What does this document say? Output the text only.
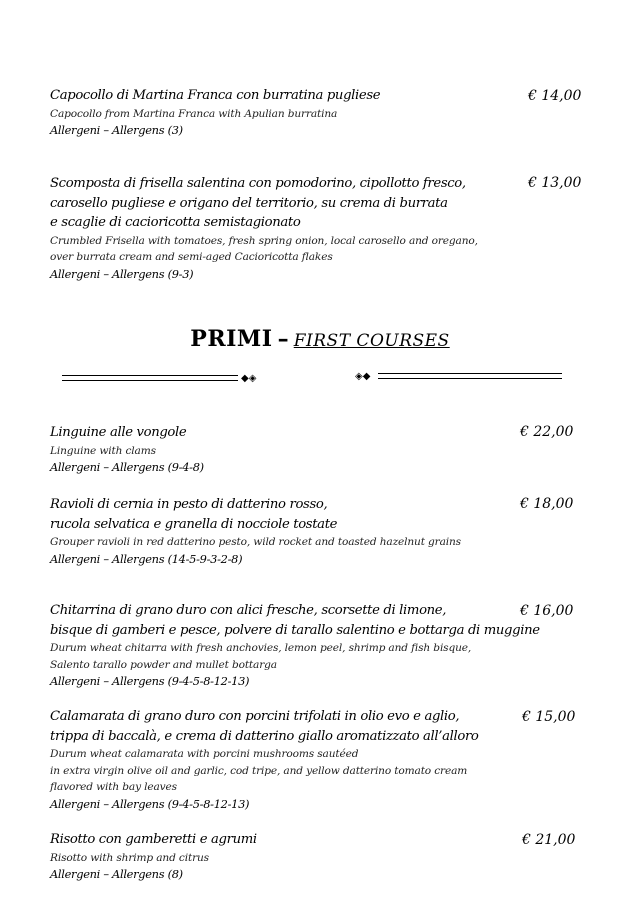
Capocollo di Martina Franca con burratina pugliese

Capocollo from Martina Franca with Apulian burratina

Allergeni – Allergens (3)

€ 14,00

Scomposta di frisella salentina con pomodorino, cipollotto fresco,

carosello pugliese e origano del territorio, su crema di burrata

e scaglie di cacioricotta semistagionato

Crumbled Frisella with tomatoes, fresh spring onion, local carosello and oregano,

over burrata cream and semi-aged Cacioricotta flakes

Allergeni – Allergens (9-3)

€ 13,00
PRIMI – FIRST COURSES
◆◈	◈◆

Linguine alle vongole

Linguine with clams

Allergeni – Allergens (9-4-8)

€ 22,00

Ravioli di cernia in pesto di datterino rosso,

rucola selvatica e granella di nocciole tostate

Grouper ravioli in red datterino pesto, wild rocket and toasted hazelnut grains

Allergeni – Allergens (14-5-9-3-2-8)

€ 18,00

Chitarrina di grano duro con alici fresche, scorsette di limone,

bisque di gamberi e pesce, polvere di tarallo salentino e bottarga di muggine

Durum wheat chitarra with fresh anchovies, lemon peel, shrimp and fish bisque,

Salento tarallo powder and mullet bottarga

Allergeni – Allergens (9-4-5-8-12-13)

€ 16,00

Calamarata di grano duro con porcini trifolati in olio evo e aglio,

trippa di baccalà, e crema di datterino giallo aromatizzato all’alloro

Durum wheat calamarata with porcini mushrooms sautéed

in extra virgin olive oil and garlic, cod tripe, and yellow datterino tomato cream

flavored with bay leaves

Allergeni – Allergens (9-4-5-8-12-13)

€ 15,00

Risotto con gamberetti e agrumi

Risotto with shrimp and citrus

Allergeni – Allergens (8)

€ 21,00
